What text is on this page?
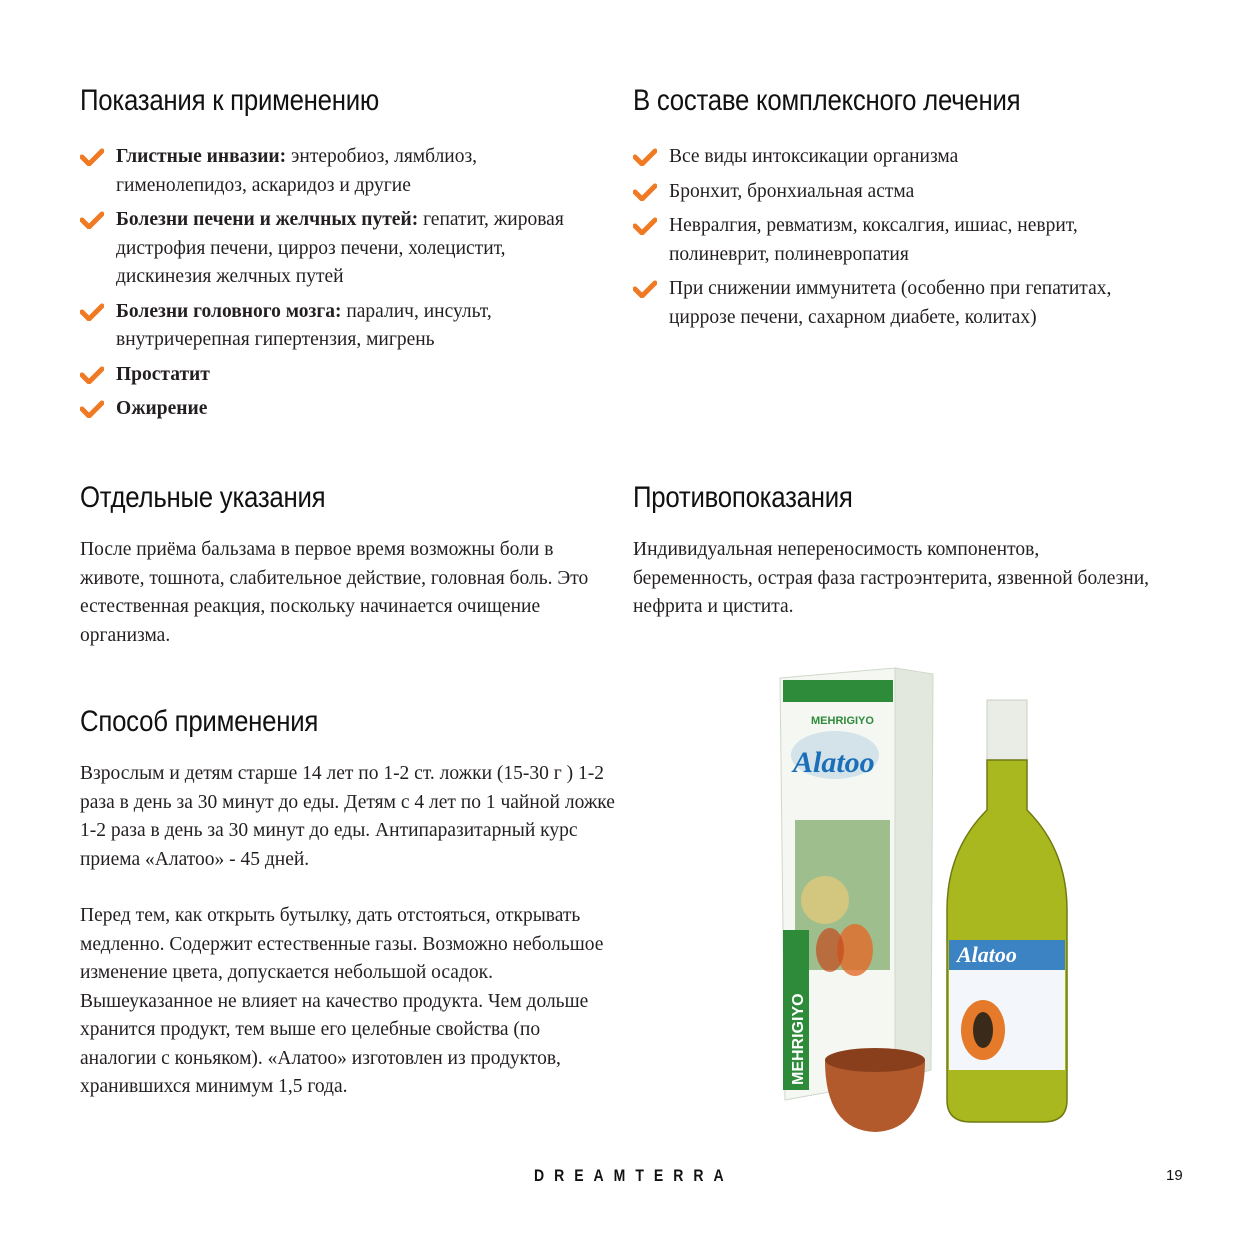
Показания к применению
Глистные инвазии: энтеробиоз, лямблиоз, гименолепидоз, аскаридоз и другие
Болезни печени и желчных путей: гепатит, жировая дистрофия печени, цирроз печени, холецистит, дискинезия желчных путей
Болезни головного мозга: паралич, инсульт, внутричерепная гипертензия, мигрень
Простатит
Ожирение
В составе комплексного лечения
Все виды интоксикации организма
Бронхит, бронхиальная астма
Невралгия, ревматизм, коксалгия, ишиас, неврит, полиневрит, полиневропатия
При снижении иммунитета (особенно при гепатитах, циррозе печени, сахарном диабете, колитах)
Отдельные указания
После приёма бальзама в первое время возможны боли в животе, тошнота, слабительное действие, головная боль. Это естественная реакция, поскольку начинается очищение организма.
Противопоказания
Индивидуальная непереносимость компонентов, беременность, острая фаза гастроэнтерита, язвенной болезни, нефрита и цистита.
Способ применения

Взрослым и детям старше 14 лет по 1-2 ст. ложки (15-30 г ) 1-2 раза в день за 30 минут до еды. Детям с 4 лет по 1 чайной ложке 1-2 раза в день за 30 минут до еды. Антипаразитарный курс приема «Алатоо» - 45 дней.

Перед тем, как открыть бутылку, дать отстояться, открывать медленно. Содержит естественные газы. Возможно небольшое изменение цвета, допускается небольшой осадок. Вышеуказанное не влияет на качество продукта. Чем дольше хранится продукт, тем выше его целебные свойства (по аналогии с коньяком). «Алатоо» изготовлен из продуктов, хранившихся минимум 1,5 года.

MEHRIGIYO
Alatoo
MEHRIGIYO
Alatoo
DREAMTERRA	19
